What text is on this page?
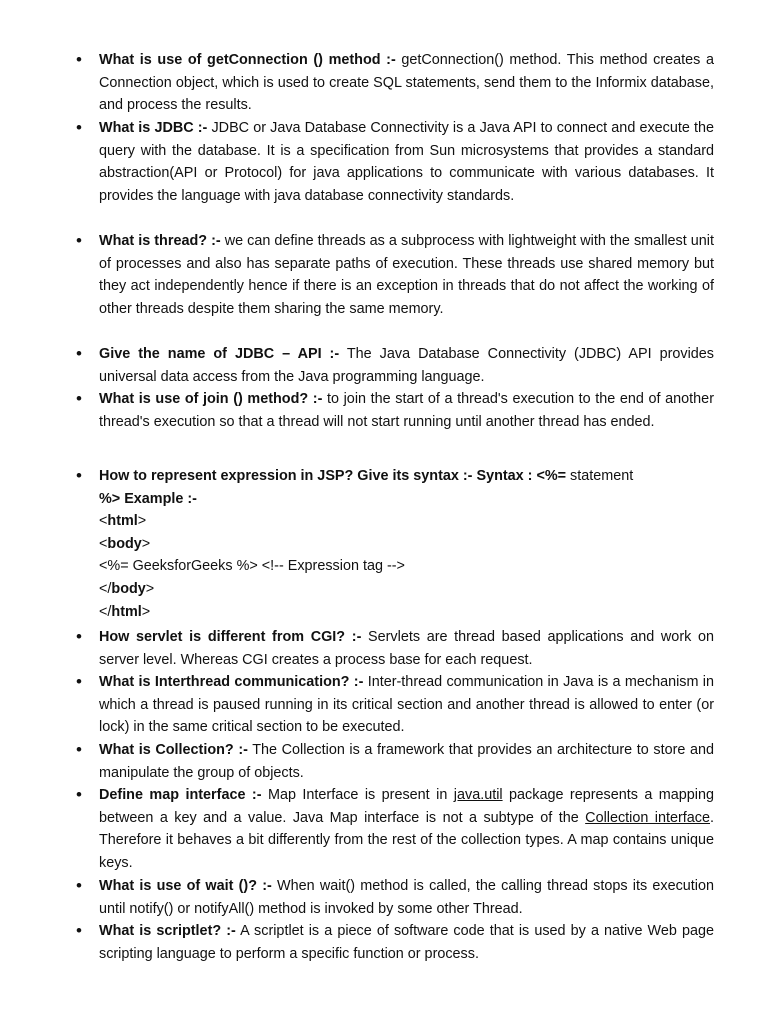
• What is use of getConnection () method :- getConnection() method. This method creates a Connection object, which is used to create SQL statements, send them to the Informix database, and process the results.
• What is JDBC :- JDBC or Java Database Connectivity is a Java API to connect and execute the query with the database. It is a specification from Sun microsystems that provides a standard abstraction(API or Protocol) for java applications to communicate with various databases. It provides the language with java database connectivity standards.
• What is thread? :- we can define threads as a subprocess with lightweight with the smallest unit of processes and also has separate paths of execution. These threads use shared memory but they act independently hence if there is an exception in threads that do not affect the working of other threads despite them sharing the same memory.
• Give the name of JDBC – API :- The Java Database Connectivity (JDBC) API provides universal data access from the Java programming language.
• What is use of join () method? :- to join the start of a thread's execution to the end of another thread's execution so that a thread will not start running until another thread has ended.
• How to represent expression in JSP? Give its syntax :- Syntax : <%= statement
%> Example :-
<html>
<body>
<%= GeeksforGeeks %> <!-- Expression tag -->
</body>
</html>
• How servlet is different from CGI? :- Servlets are thread based applications and work on server level. Whereas CGI creates a process base for each request.
• What is Interthread communication? :- Inter-thread communication in Java is a mechanism in which a thread is paused running in its critical section and another thread is allowed to enter (or lock) in the same critical section to be executed.
• What is Collection? :- The Collection is a framework that provides an architecture to store and manipulate the group of objects.
• Define map interface :- Map Interface is present in java.util package represents a mapping between a key and a value. Java Map interface is not a subtype of the Collection interface. Therefore it behaves a bit differently from the rest of the collection types. A map contains unique keys.
• What is use of wait ()? :- When wait() method is called, the calling thread stops its execution until notify() or notifyAll() method is invoked by some other Thread.
• What is scriptlet? :- A scriptlet is a piece of software code that is used by a native Web page scripting language to perform a specific function or process.
